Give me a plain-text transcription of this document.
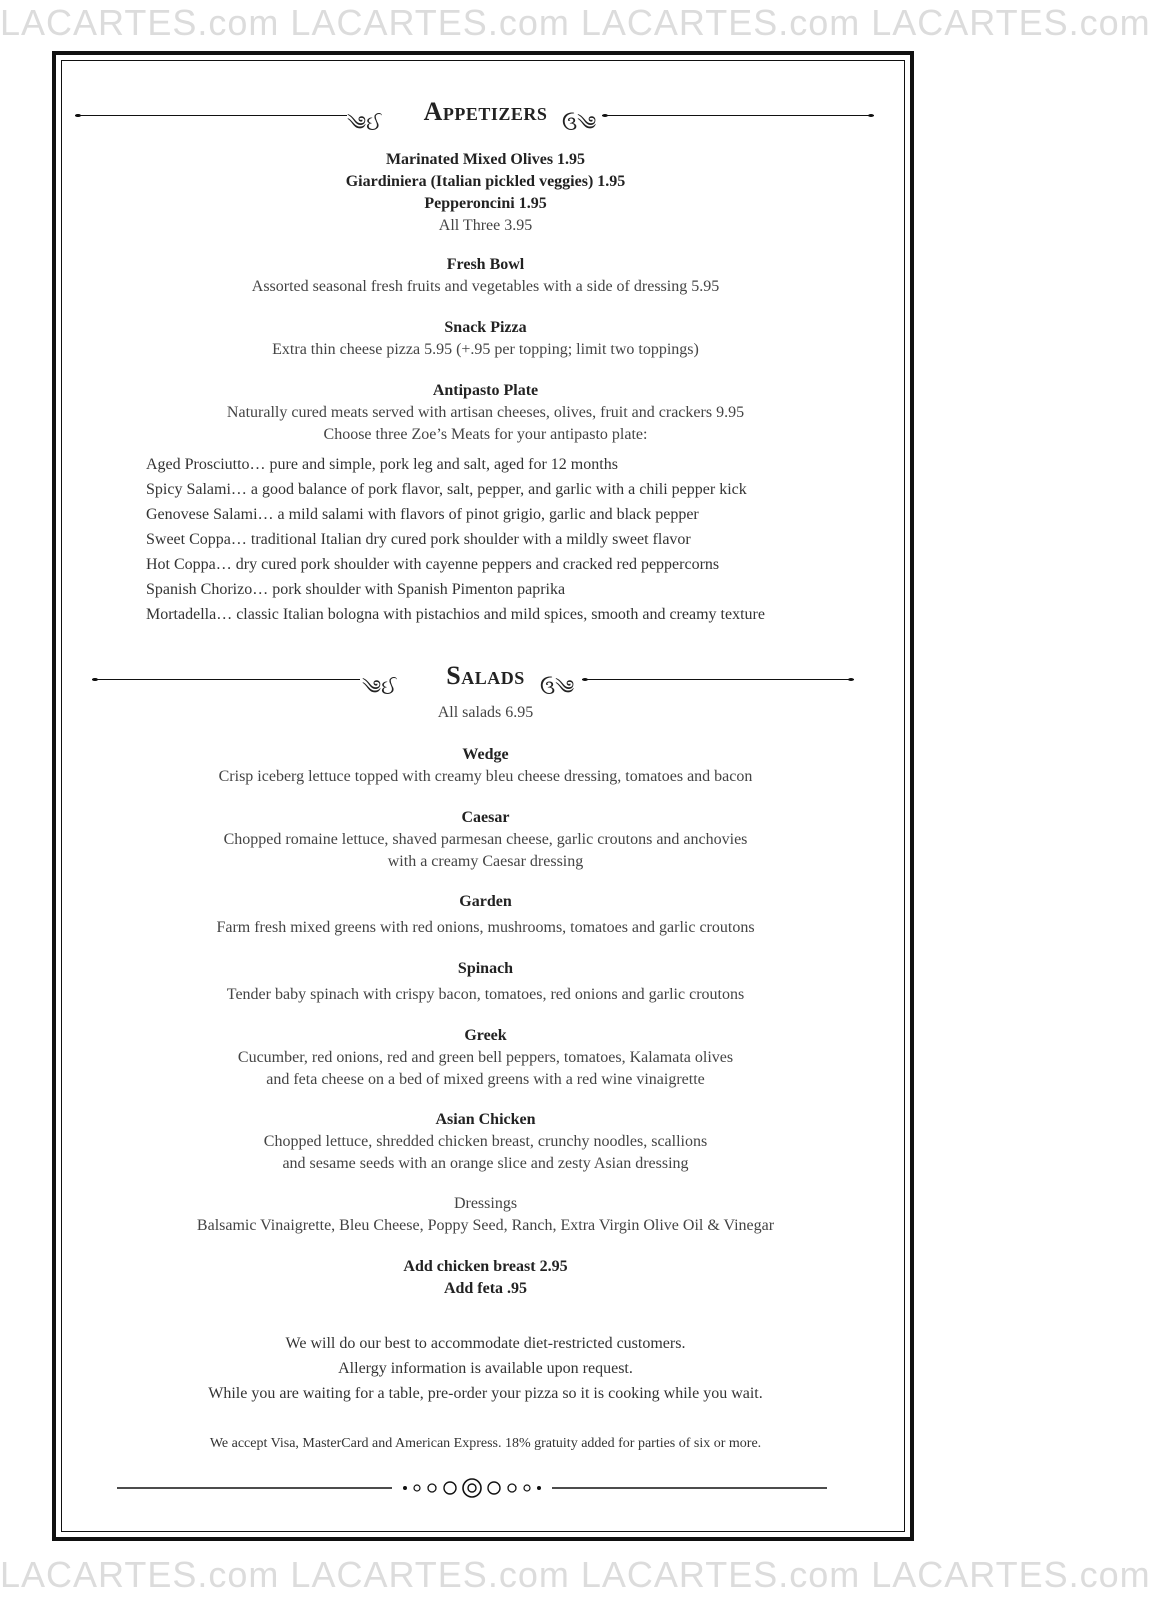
LACARTES.com LACARTES.com LACARTES.com LACARTES.com
LACARTES.com LACARTES.com LACARTES.com LACARTES.com
༄ઈ	Appetizers ઉ༄
Marinated Mixed Olives 1.95
Giardiniera (Italian pickled veggies) 1.95
Pepperoncini 1.95
All Three 3.95
Fresh Bowl
Assorted seasonal fresh fruits and vegetables with a side of dressing 5.95
Snack Pizza
Extra thin cheese pizza 5.95 (+.95 per topping; limit two toppings)
Antipasto Plate
Naturally cured meats served with artisan cheeses, olives, fruit and crackers 9.95
Choose three Zoe’s Meats for your antipasto plate:
Aged Prosciutto… pure and simple, pork leg and salt, aged for 12 months
Spicy Salami… a good balance of pork flavor, salt, pepper, and garlic with a chili pepper kick
Genovese Salami… a mild salami with flavors of pinot grigio, garlic and black pepper
Sweet Coppa… traditional Italian dry cured pork shoulder with a mildly sweet flavor
Hot Coppa… dry cured pork shoulder with cayenne peppers and cracked red peppercorns
Spanish Chorizo… pork shoulder with Spanish Pimenton paprika
Mortadella… classic Italian bologna with pistachios and mild spices, smooth and creamy texture
༄ઈ	Salads ઉ༄
All salads 6.95
Wedge
Crisp iceberg lettuce topped with creamy bleu cheese dressing, tomatoes and bacon
Caesar
Chopped romaine lettuce, shaved parmesan cheese, garlic croutons and anchovies
with a creamy Caesar dressing
Garden
Farm fresh mixed greens with red onions, mushrooms, tomatoes and garlic croutons
Spinach
Tender baby spinach with crispy bacon, tomatoes, red onions and garlic croutons
Greek
Cucumber, red onions, red and green bell peppers, tomatoes, Kalamata olives
and feta cheese on a bed of mixed greens with a red wine vinaigrette
Asian Chicken
Chopped lettuce, shredded chicken breast, crunchy noodles, scallions
and sesame seeds with an orange slice and zesty Asian dressing
Dressings
Balsamic Vinaigrette, Bleu Cheese, Poppy Seed, Ranch, Extra Virgin Olive Oil & Vinegar
Add chicken breast 2.95
Add feta .95
We will do our best to accommodate diet-restricted customers.
Allergy information is available upon request.
While you are waiting for a table, pre-order your pizza so it is cooking while you wait.
We accept Visa, MasterCard and American Express. 18% gratuity added for parties of six or more.
